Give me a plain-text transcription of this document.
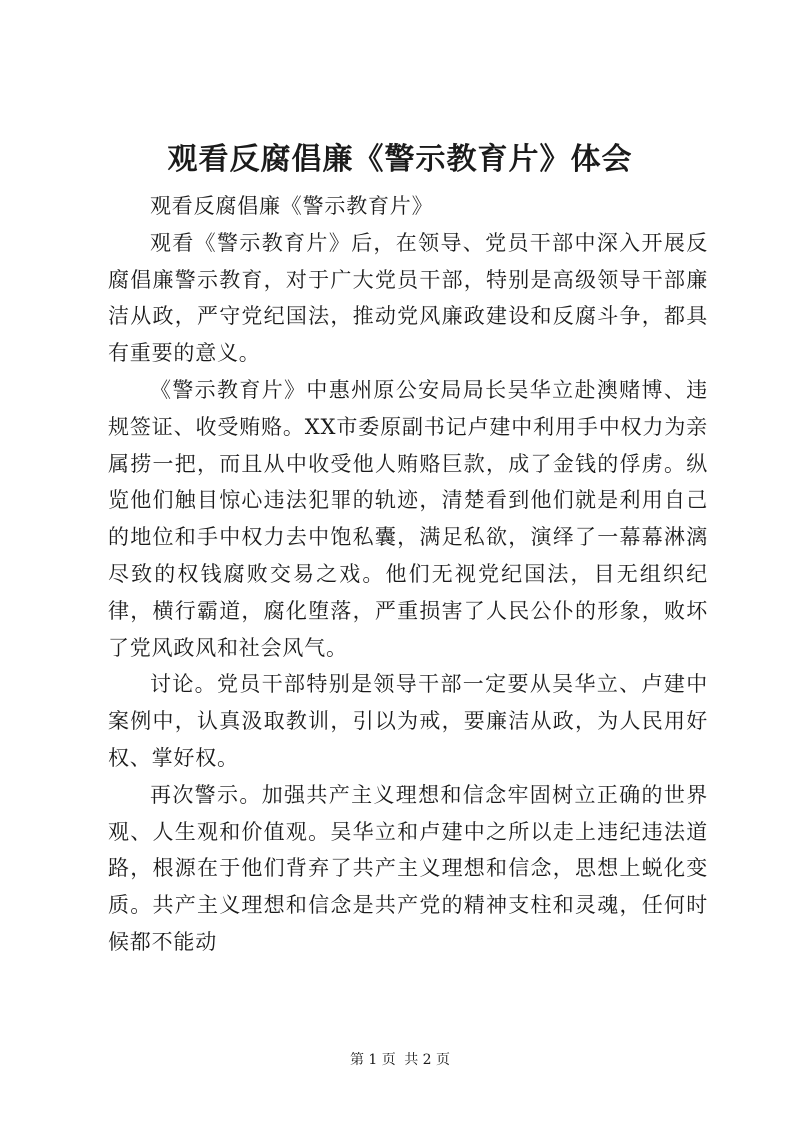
观看反腐倡廉《警示教育片》体会

观看反腐倡廉《警示教育片》

观看《警示教育片》后，在领导、党员干部中深入开展反腐倡廉警示教育，对于广大党员干部，特别是高级领导干部廉洁从政，严守党纪国法，推动党风廉政建设和反腐斗争，都具有重要的意义。

《警示教育片》中惠州原公安局局长吴华立赴澳赌博、违规签证、收受贿赂。XX市委原副书记卢建中利用手中权力为亲属捞一把，而且从中收受他人贿赂巨款，成了金钱的俘虏。纵览他们触目惊心违法犯罪的轨迹，清楚看到他们就是利用自己的地位和手中权力去中饱私囊，满足私欲，演绎了一幕幕淋漓尽致的权钱腐败交易之戏。他们无视党纪国法，目无组织纪律，横行霸道，腐化堕落，严重损害了人民公仆的形象，败坏了党风政风和社会风气。

讨论。党员干部特别是领导干部一定要从吴华立、卢建中案例中，认真汲取教训，引以为戒，要廉洁从政，为人民用好权、掌好权。

再次警示。加强共产主义理想和信念牢固树立正确的世界观、人生观和价值观。吴华立和卢建中之所以走上违纪违法道路，根源在于他们背弃了共产主义理想和信念，思想上蜕化变质。共产主义理想和信念是共产党的精神支柱和灵魂，任何时候都不能动

第 1 页 共 2 页
